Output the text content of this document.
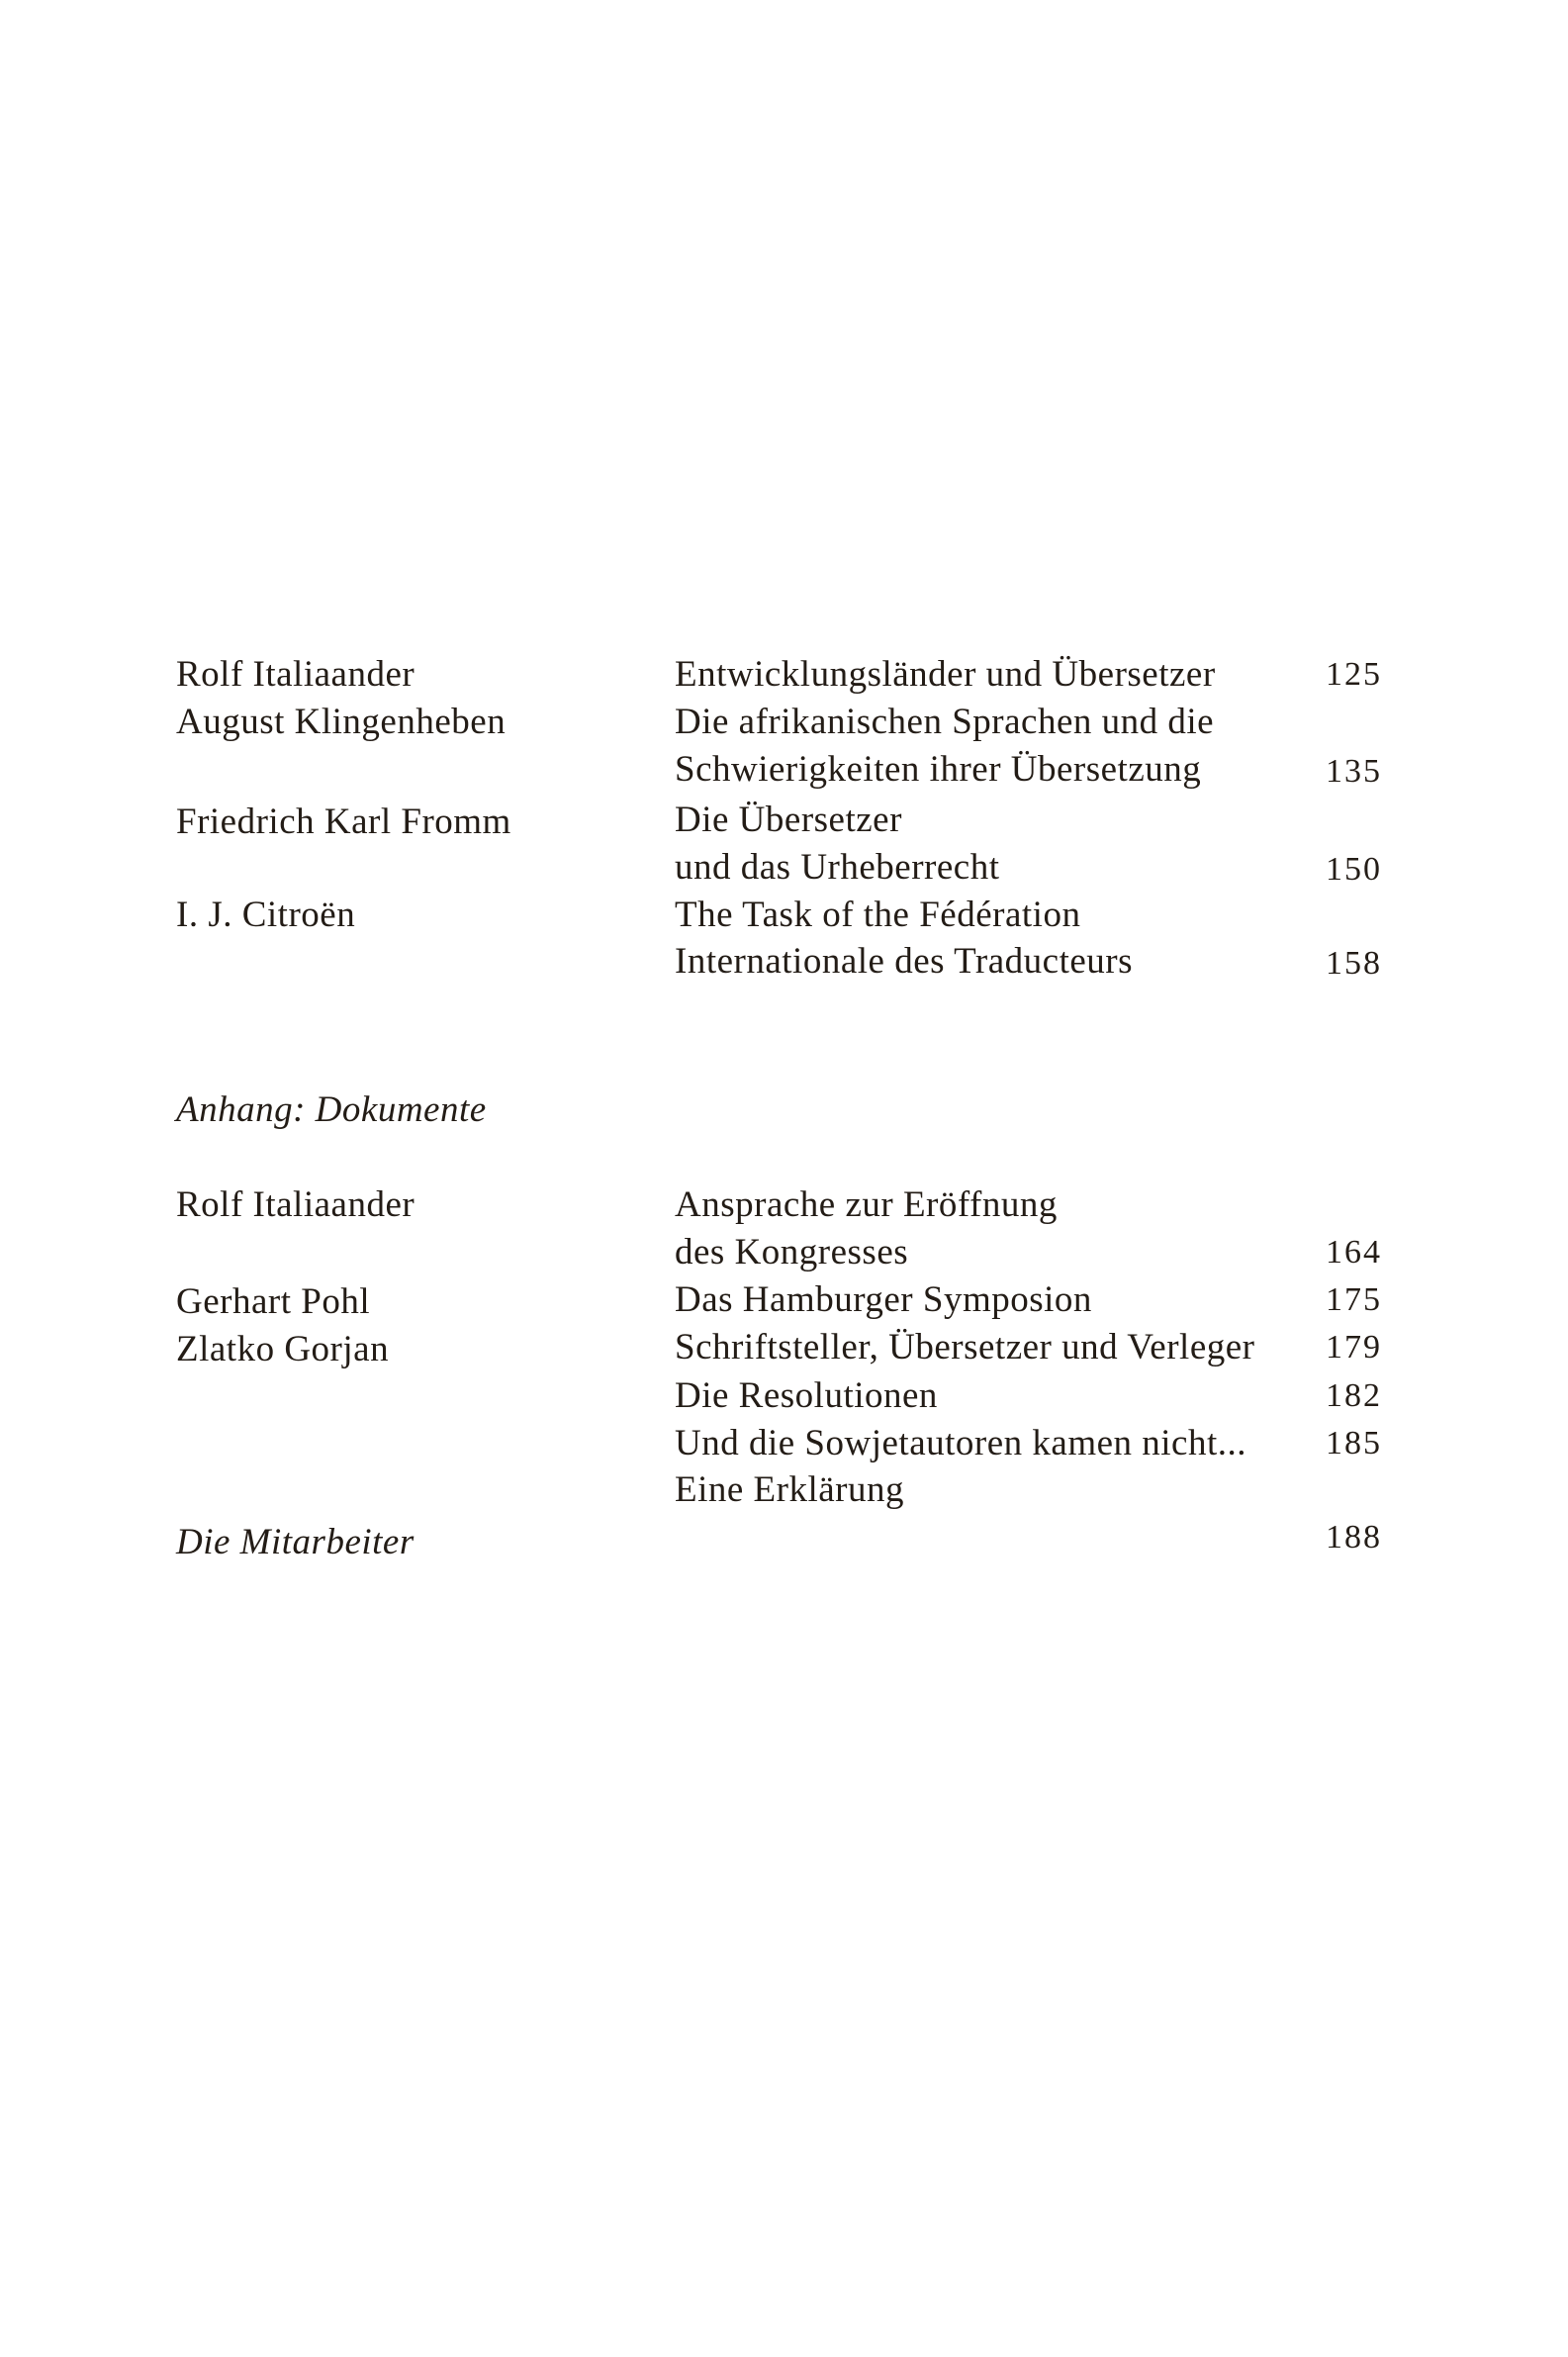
Rolf Italiaander	Entwicklungsländer und Übersetzer	125
August Klingenheben	Die afrikanischen Sprachen und die
Schwierigkeiten ihrer Übersetzung	135
Friedrich Karl Fromm	Die Übersetzer
und das Urheberrecht	150
I. J. Citroën	The Task of the Fédération
Internationale des Traducteurs	158
Anhang: Dokumente
Rolf Italiaander	Ansprache zur Eröffnung
des Kongresses	164
Gerhart Pohl	Das Hamburger Symposion	175
Zlatko Gorjan	Schriftsteller, Übersetzer und Verleger 179
Die Resolutionen	182
Und die Sowjetautoren kamen nicht... 185
Eine Erklärung
Die Mitarbeiter	188
